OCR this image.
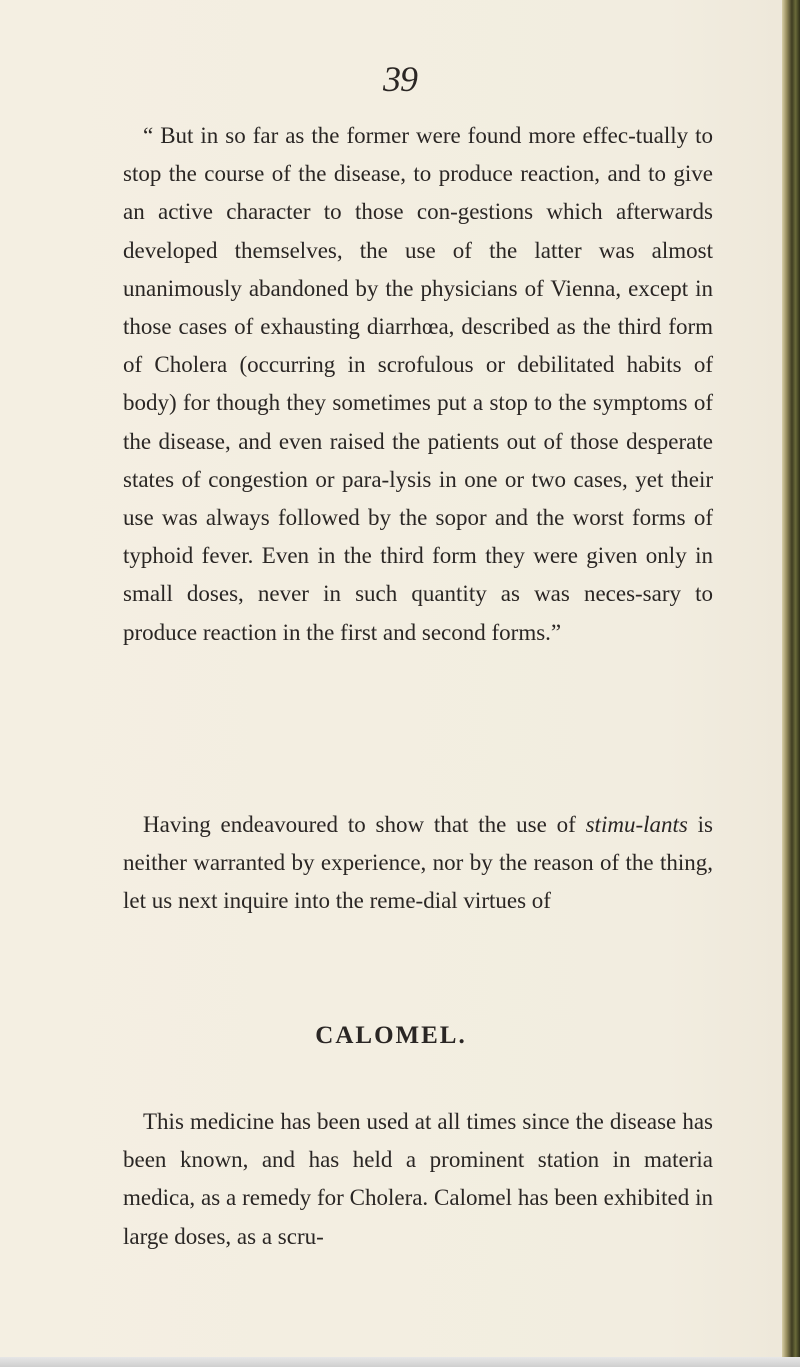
39

“ But in so far as the former were found more effec-tually to stop the course of the disease, to produce reaction, and to give an active character to those con-gestions which afterwards developed themselves, the use of the latter was almost unanimously abandoned by the physicians of Vienna, except in those cases of exhausting diarrhœa, described as the third form of Cholera (occurring in scrofulous or debilitated habits of body) for though they sometimes put a stop to the symptoms of the disease, and even raised the patients out of those desperate states of congestion or para-lysis in one or two cases, yet their use was always followed by the sopor and the worst forms of typhoid fever. Even in the third form they were given only in small doses, never in such quantity as was neces-sary to produce reaction in the first and second forms.”

Having endeavoured to show that the use of stimu-lants is neither warranted by experience, nor by the reason of the thing, let us next inquire into the reme-dial virtues of

CALOMEL.

This medicine has been used at all times since the disease has been known, and has held a prominent station in materia medica, as a remedy for Cholera. Calomel has been exhibited in large doses, as a scru-
